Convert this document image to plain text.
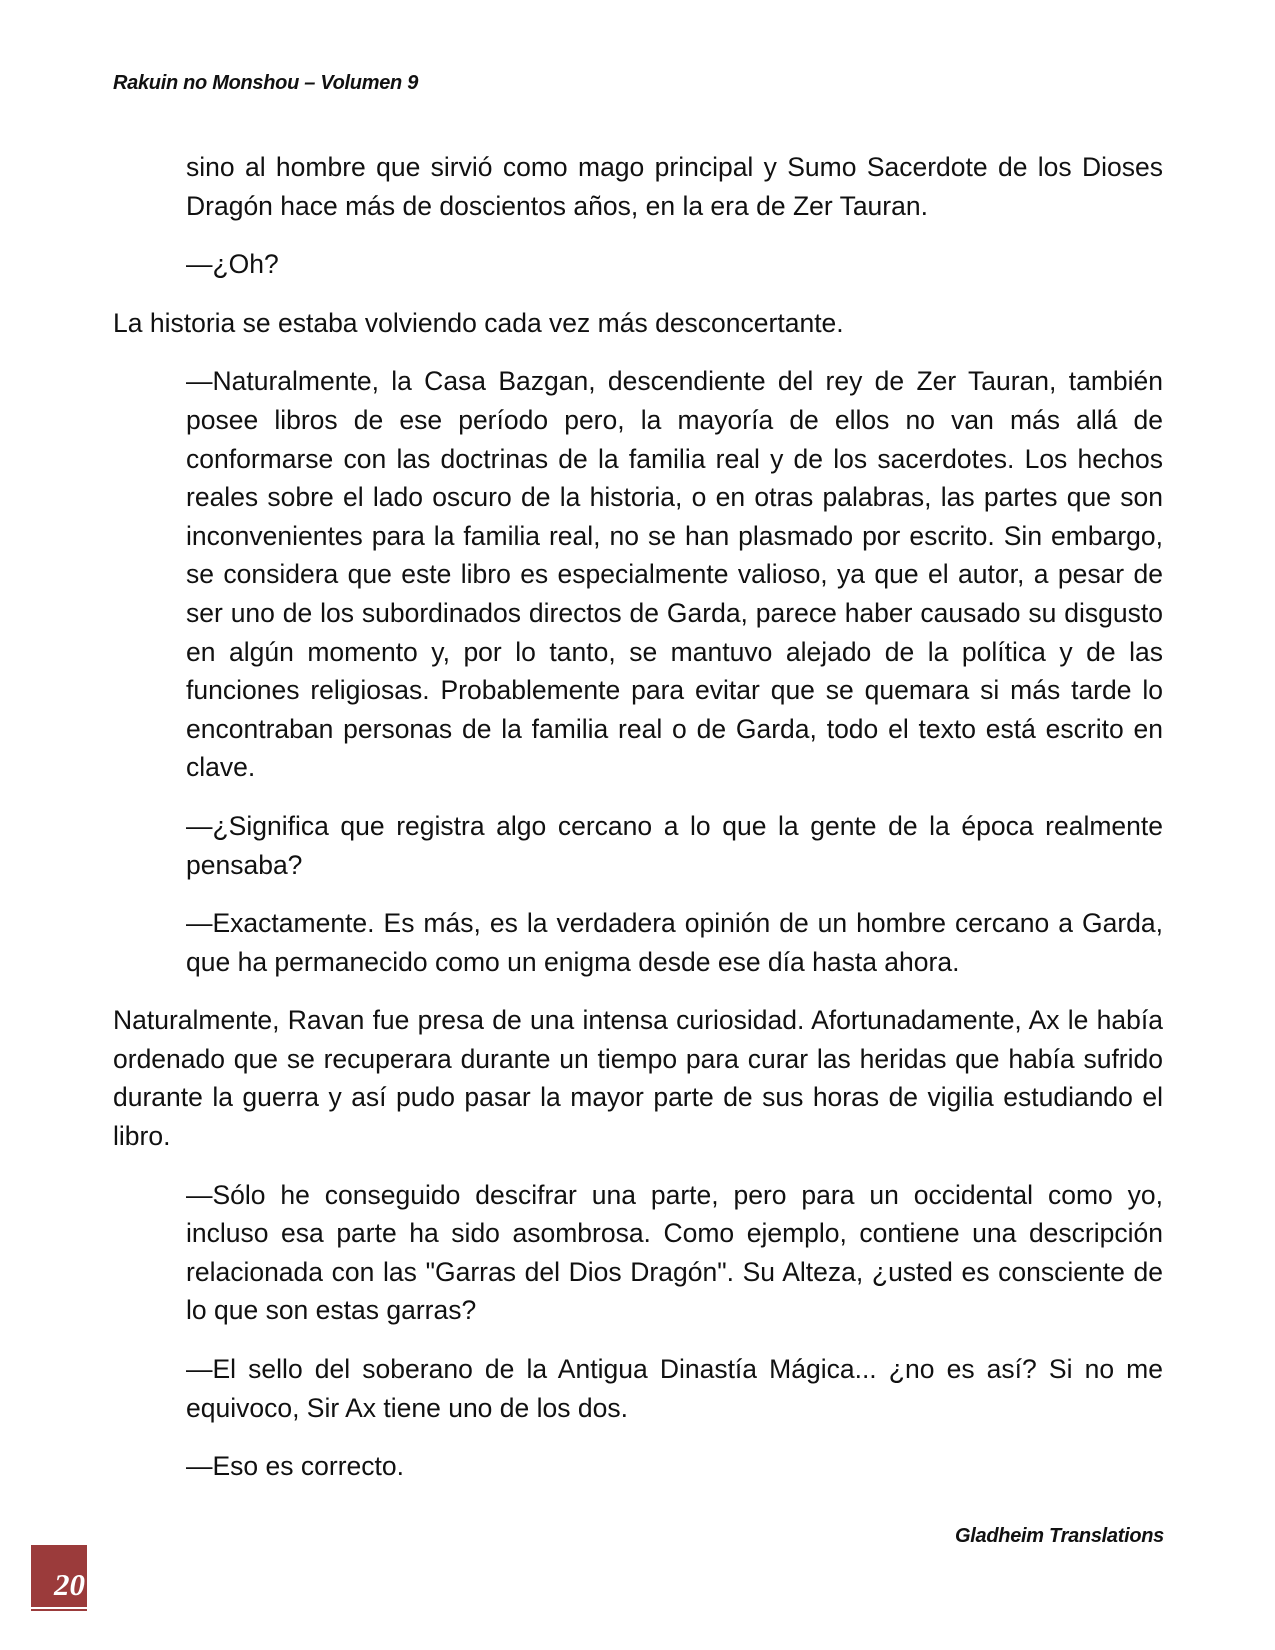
Rakuin no Monshou – Volumen 9

sino al hombre que sirvió como mago principal y Sumo Sacerdote de los Dioses Dragón hace más de doscientos años, en la era de Zer Tauran.

—¿Oh?

La historia se estaba volviendo cada vez más desconcertante.

—Naturalmente, la Casa Bazgan, descendiente del rey de Zer Tauran, también posee libros de ese período pero, la mayoría de ellos no van más allá de conformarse con las doctrinas de la familia real y de los sacerdotes. Los hechos reales sobre el lado oscuro de la historia, o en otras palabras, las partes que son inconvenientes para la familia real, no se han plasmado por escrito. Sin embargo, se considera que este libro es especialmente valioso, ya que el autor, a pesar de ser uno de los subordinados directos de Garda, parece haber causado su disgusto en algún momento y, por lo tanto, se mantuvo alejado de la política y de las funciones religiosas. Probablemente para evitar que se quemara si más tarde lo encontraban personas de la familia real o de Garda, todo el texto está escrito en clave.

—¿Significa que registra algo cercano a lo que la gente de la época realmente pensaba?

—Exactamente. Es más, es la verdadera opinión de un hombre cercano a Garda, que ha permanecido como un enigma desde ese día hasta ahora.

Naturalmente, Ravan fue presa de una intensa curiosidad. Afortunadamente, Ax le había ordenado que se recuperara durante un tiempo para curar las heridas que había sufrido durante la guerra y así pudo pasar la mayor parte de sus horas de vigilia estudiando el libro.

—Sólo he conseguido descifrar una parte, pero para un occidental como yo, incluso esa parte ha sido asombrosa. Como ejemplo, contiene una descripción relacionada con las "Garras del Dios Dragón". Su Alteza, ¿usted es consciente de lo que son estas garras?

—El sello del soberano de la Antigua Dinastía Mágica... ¿no es así? Si no me equivoco, Sir Ax tiene uno de los dos.

—Eso es correcto.

Gladheim Translations
20
